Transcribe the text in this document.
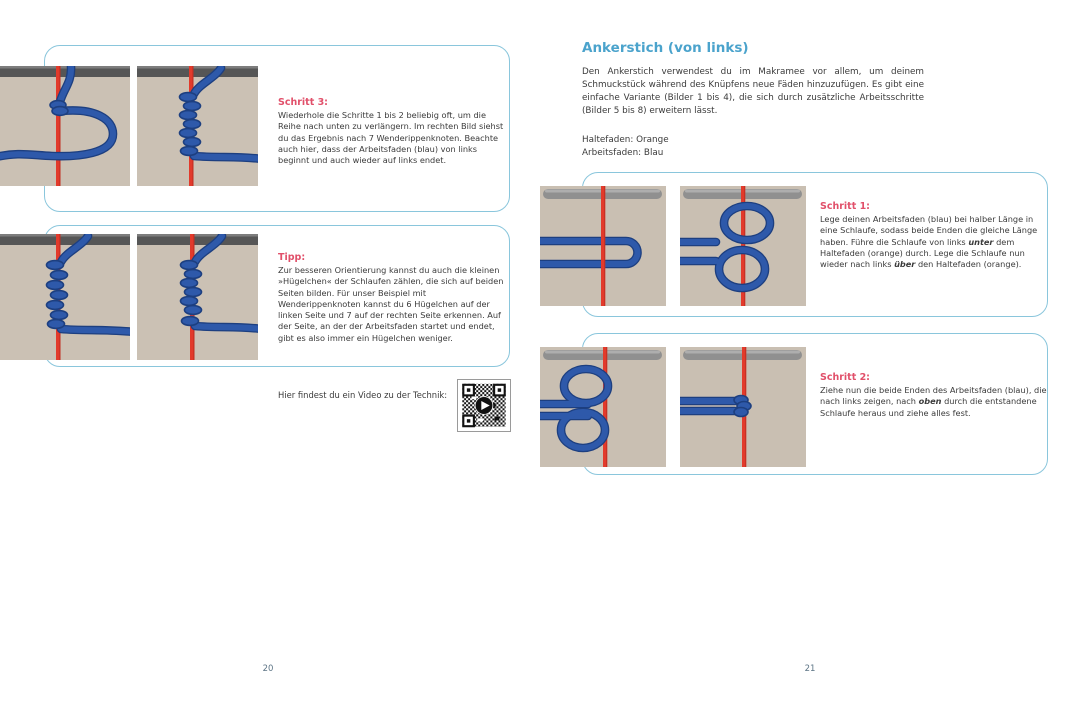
Schritt 3:

Wiederhole die Schritte 1 bis 2 beliebig oft, um die Reihe nach unten zu verlängern. Im rechten Bild siehst du das Ergebnis nach 7 Wenderippenknoten. Beachte auch hier, dass der Arbeitsfaden (blau) von links beginnt und auch wieder auf links endet.

Tipp:

Zur besseren Orientierung kannst du auch die kleinen »Hügelchen« der Schlaufen zählen, die sich auf beiden Seiten bilden. Für unser Beispiel mit Wenderippenknoten kannst du 6 Hügelchen auf der linken Seite und 7 auf der rechten Seite erkennen. Auf der Seite, an der der Arbeitsfaden startet und endet, gibt es also immer ein Hügelchen weniger.

Hier findest du ein Video zu der Technik:
20
Ankerstich (von links)

Den Ankerstich verwendest du im Makramee vor allem, um deinem Schmuckstück während des Knüpfens neue Fäden hinzuzufügen. Es gibt eine einfache Variante (Bilder 1 bis 4), die sich durch zusätzliche Arbeitsschritte (Bilder 5 bis 8) erweitern lässt.

Haltefaden: Orange
Arbeitsfaden: Blau
Schritt 1:

Lege deinen Arbeitsfaden (blau) bei halber Länge in eine Schlaufe, sodass beide Enden die gleiche Länge haben. Führe die Schlaufe von links unter dem Haltefaden (orange) durch. Lege die Schlaufe nun wieder nach links über den Haltefaden (orange).

Schritt 2:

Ziehe nun die beide Enden des Arbeitsfaden (blau), die nach links zeigen, nach oben durch die entstandene Schlaufe heraus und ziehe alles fest.

21
